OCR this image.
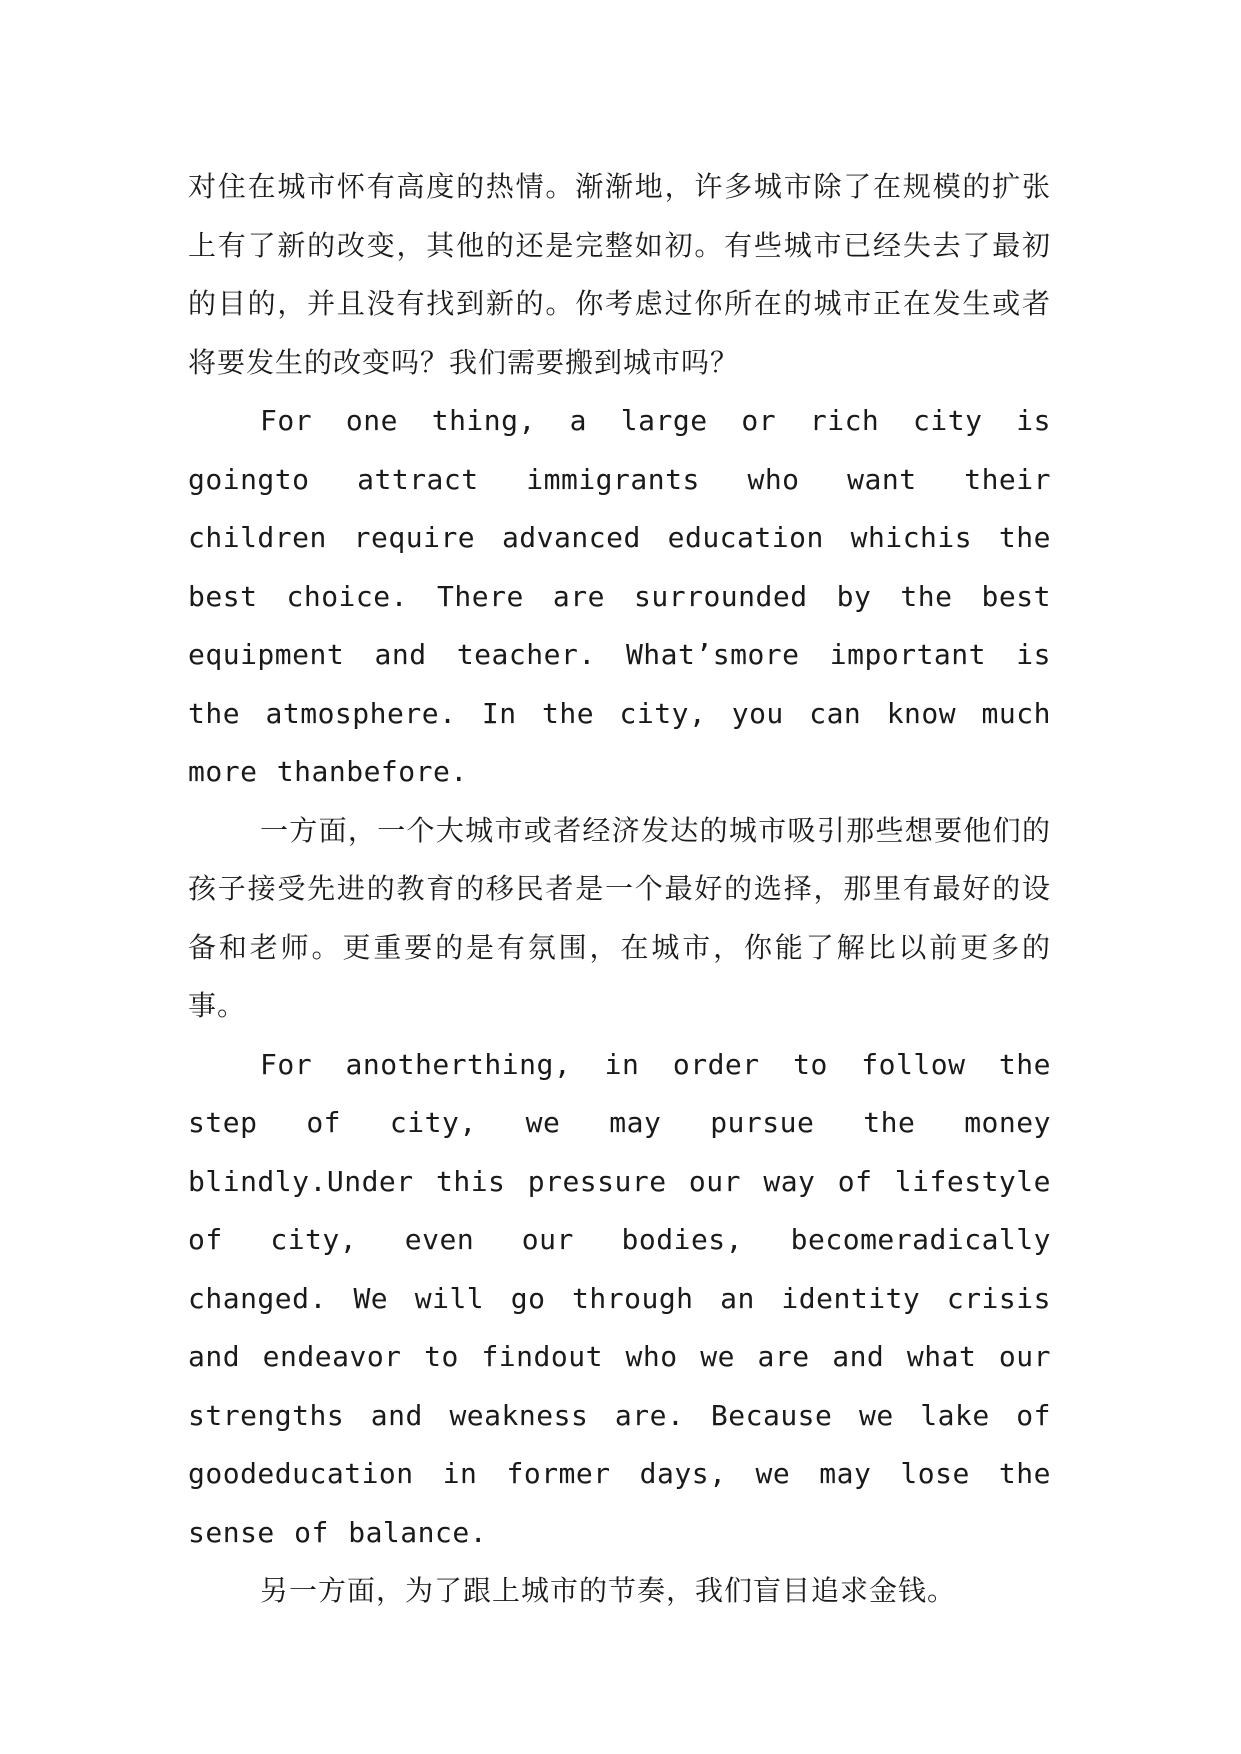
对住在城市怀有高度的热情。渐渐地，许多城市除了在规模的扩张上有了新的改变，其他的还是完整如初。有些城市已经失去了最初的目的，并且没有找到新的。你考虑过你所在的城市正在发生或者将要发生的改变吗？我们需要搬到城市吗？

For one thing, a large or rich city is goingto attract immigrants who want their children require advanced education whichis the best choice. There are surrounded by the best equipment and teacher. What’smore important is the atmosphere. In the city, you can know much more thanbefore.

一方面，一个大城市或者经济发达的城市吸引那些想要他们的孩子接受先进的教育的移民者是一个最好的选择，那里有最好的设备和老师。更重要的是有氛围，在城市，你能了解比以前更多的事。

For anotherthing, in order to follow the step of city, we may pursue the money blindly.Under this pressure our way of lifestyle of city, even our bodies, becomeradically changed. We will go through an identity crisis and endeavor to findout who we are and what our strengths and weakness are. Because we lake of goodeducation in former days, we may lose the sense of balance.

另一方面，为了跟上城市的节奏，我们盲目追求金钱。
